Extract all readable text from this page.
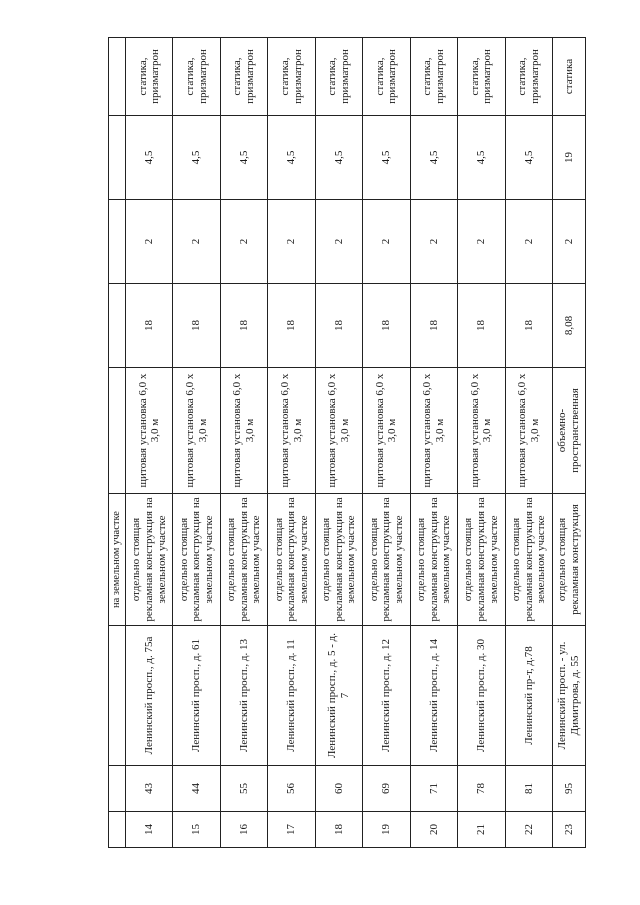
			на земельном участке					
14	43	Ленинский просп., д. 75а	отдельно стоящая рекламная конструкция на земельном участке	щитовая установка 6,0 х 3,0 м	18	2	4,5	статика, призматрон
15	44	Ленинский просп., д. 61	отдельно стоящая рекламная конструкция на земельном участке	щитовая установка 6,0 х 3,0 м	18	2	4,5	статика, призматрон
16	55	Ленинский просп., д. 13	отдельно стоящая рекламная конструкция на земельном участке	щитовая установка 6,0 х 3,0 м	18	2	4,5	статика, призматрон
17	56	Ленинский просп., д. 11	отдельно стоящая рекламная конструкция на земельном участке	щитовая установка 6,0 х 3,0 м	18	2	4,5	статика, призматрон
18	60	Ленинский просп., д. 5 - д. 7	отдельно стоящая рекламная конструкция на земельном участке	щитовая установка 6,0 х 3,0 м	18	2	4,5	статика, призматрон
19	69	Ленинский просп., д. 12	отдельно стоящая рекламная конструкция на земельном участке	щитовая установка 6,0 х 3,0 м	18	2	4,5	статика, призматрон
20	71	Ленинский просп., д. 14	отдельно стоящая рекламная конструкция на земельном участке	щитовая установка 6,0 х 3,0 м	18	2	4,5	статика, призматрон
21	78	Ленинский просп., д. 30	отдельно стоящая рекламная конструкция на земельном участке	щитовая установка 6,0 х 3,0 м	18	2	4,5	статика, призматрон
22	81	Ленинский пр-т, д.78	отдельно стоящая рекламная конструкция на земельном участке	щитовая установка 6,0 х 3,0 м	18	2	4,5	статика, призматрон
23	95	Ленинский просп. - ул. Димитрова, д. 55	отдельно стоящая рекламная конструкция	объемно-пространственная	8,08	2	19	статика
